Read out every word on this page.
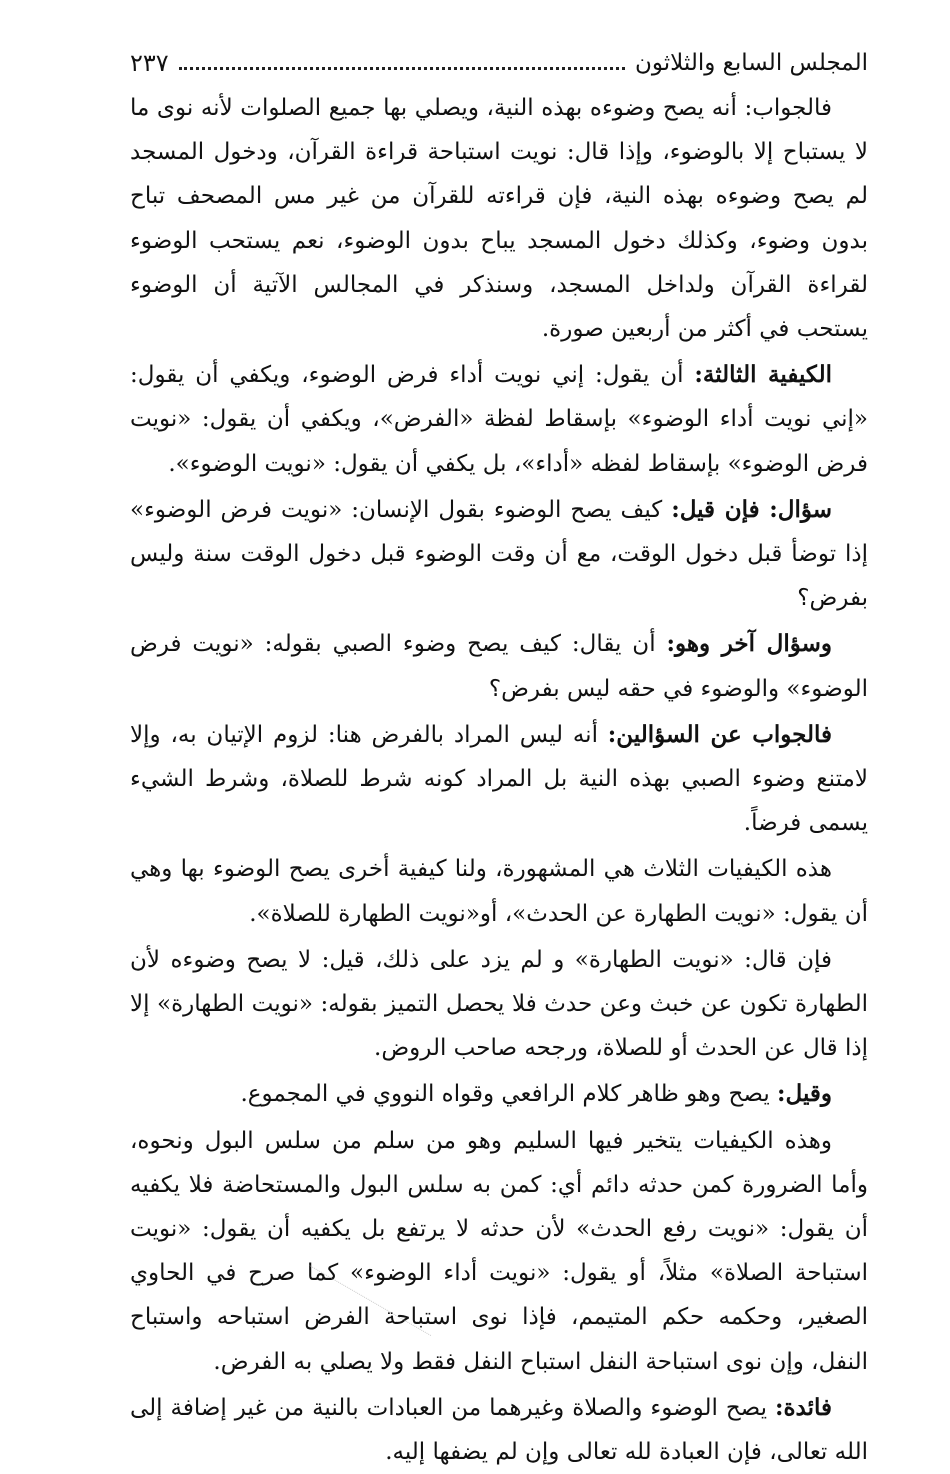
المجلس السابع والثلاثون
٢٣٧

فالجواب: أنه يصح وضوءه بهذه النية، ويصلي بها جميع الصلوات لأنه نوى ما لا يستباح إلا بالوضوء، وإذا قال: نويت استباحة قراءة القرآن، ودخول المسجد لم يصح وضوءه بهذه النية، فإن قراءته للقرآن من غير مس المصحف تباح بدون وضوء، وكذلك دخول المسجد يباح بدون الوضوء، نعم يستحب الوضوء لقراءة القرآن ولداخل المسجد، وسنذكر في المجالس الآتية أن الوضوء يستحب في أكثر من أربعين صورة.

الكيفية الثالثة: أن يقول: إني نويت أداء فرض الوضوء، ويكفي أن يقول: «إني نويت أداء الوضوء» بإسقاط لفظة «الفرض»، ويكفي أن يقول: «نويت فرض الوضوء» بإسقاط لفظه «أداء»، بل يكفي أن يقول: «نويت الوضوء».

سؤال: فإن قيل: كيف يصح الوضوء بقول الإنسان: «نويت فرض الوضوء» إذا توضأ قبل دخول الوقت، مع أن وقت الوضوء قبل دخول الوقت سنة وليس بفرض؟

وسؤال آخر وهو: أن يقال: كيف يصح وضوء الصبي بقوله: «نويت فرض الوضوء» والوضوء في حقه ليس بفرض؟

فالجواب عن السؤالين: أنه ليس المراد بالفرض هنا: لزوم الإتيان به، وإلا لامتنع وضوء الصبي بهذه النية بل المراد كونه شرط للصلاة، وشرط الشيء يسمى فرضاً.

هذه الكيفيات الثلاث هي المشهورة، ولنا كيفية أخرى يصح الوضوء بها وهي أن يقول: «نويت الطهارة عن الحدث»، أو«نويت الطهارة للصلاة».

فإن قال: «نويت الطهارة» و لم يزد على ذلك، قيل: لا يصح وضوءه لأن الطهارة تكون عن خبث وعن حدث فلا يحصل التميز بقوله: «نويت الطهارة» إلا إذا قال عن الحدث أو للصلاة، ورجحه صاحب الروض.

وقيل: يصح وهو ظاهر كلام الرافعي وقواه النووي في المجموع.

وهذه الكيفيات يتخير فيها السليم وهو من سلم من سلس البول ونحوه، وأما الضرورة كمن حدثه دائم أي: كمن به سلس البول والمستحاضة فلا يكفيه أن يقول: «نويت رفع الحدث» لأن حدثه لا يرتفع بل يكفيه أن يقول: «نويت استباحة الصلاة» مثلاً، أو يقول: «نويت أداء الوضوء» كما صرح في الحاوي الصغير، وحكمه حكم المتيمم، فإذا نوى استباحة الفرض استباحه واستباح النفل، وإن نوى استباحة النفل استباح النفل فقط ولا يصلي به الفرض.

فائدة: يصح الوضوء والصلاة وغيرهما من العبادات بالنية من غير إضافة إلى الله تعالى، فإن العبادة لله تعالى وإن لم يضفها إليه.
